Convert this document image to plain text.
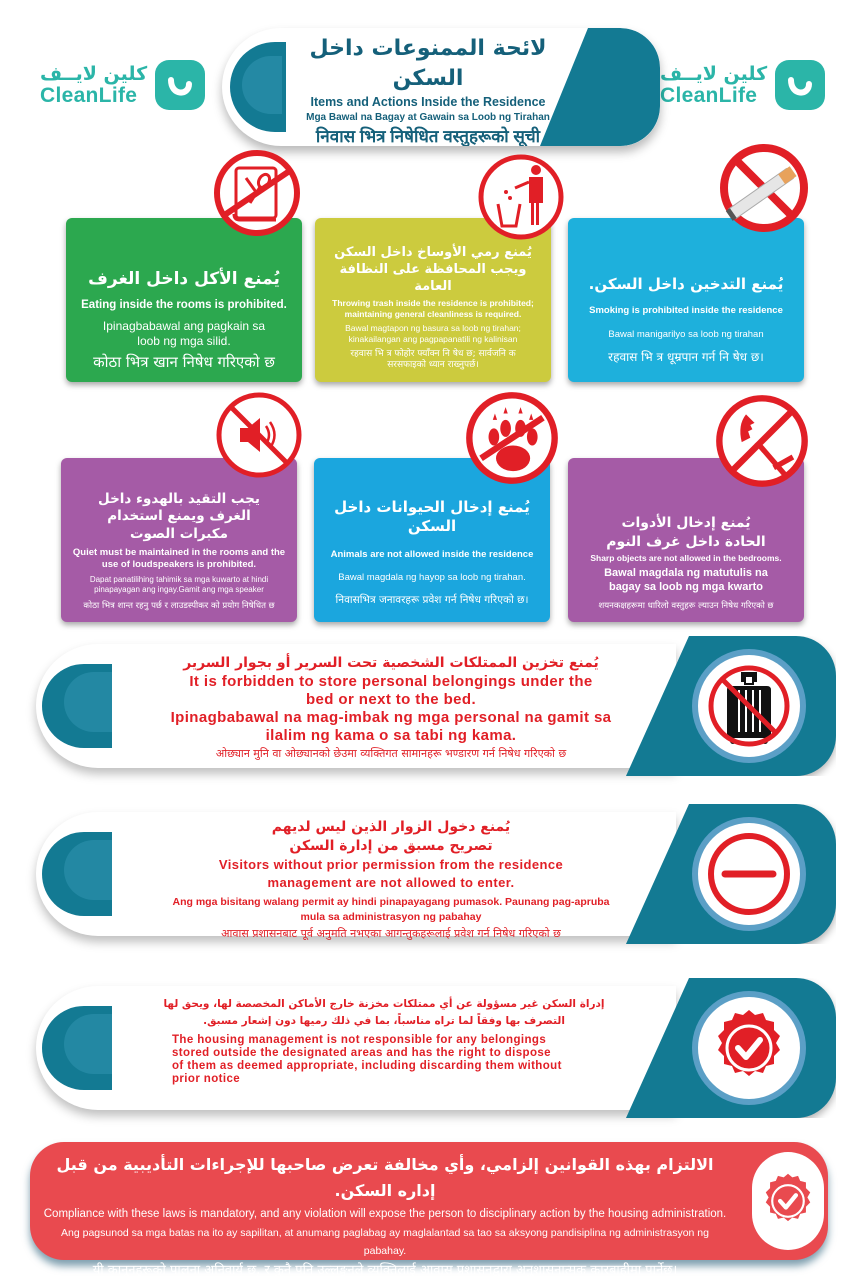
كلين لايــف
CleanLife
كلين لايــف
CleanLife
لائحة الممنوعات داخل السكن
Items and Actions Inside the Residence
Mga Bawal na Bagay at Gawain sa Loob ng Tirahan
निवास भित्र निषेधित वस्तुहरूको सूची
يُمنع الأكل داخل الغرف
Eating inside the rooms is prohibited.
Ipinagbabawal ang pagkain sa loob ng mga silid.
कोठा भित्र खान निषेध गरिएको छ
يُمنع رمي الأوساخ داخل السكن ويجب المحافظة على النظافة العامة
Throwing trash inside the residence is prohibited; maintaining general cleanliness is required.
Bawal magtapon ng basura sa loob ng tirahan; kinakailangan ang pagpapanatili ng kalinisan
रहवास भि त्र फोहोर फ्याँक्न नि षेध छ; सार्वजनि क सरसफाइको ध्यान राख्नुपर्छ।
يُمنع التدخين داخل السكن.
Smoking is prohibited inside the residence
Bawal manigarilyo sa loob ng tirahan
रहवास भि त्र धूम्रपान गर्न नि षेध छ।
يجب التقيد بالهدوء داخل الغرف ويمنع استخدام مكبرات الصوت
Quiet must be maintained in the rooms and the use of loudspeakers is prohibited.
Dapat panatilihing tahimik sa mga kuwarto at hindi pinapayagan ang ingay.Gamit ang mga speaker
कोठा भित्र शान्त रहनु पर्छ र लाउडस्पीकर को प्रयोग निषेधित छ
يُمنع إدخال الحيوانات داخل السكن
Animals are not allowed inside the residence
Bawal magdala ng hayop sa loob ng tirahan.
निवासभित्र जनावरहरू प्रवेश गर्न निषेध गरिएको छ।
يُمنع إدخال الأدوات الحادة داخل غرف النوم
Sharp objects are not allowed in the bedrooms.
Bawal magdala ng matutulis na bagay sa loob ng mga kwarto
शयनकक्षहरूमा धारिलो वस्तुहरू ल्याउन निषेध गरिएको छ
يُمنع تخزين الممتلكات الشخصية تحت السرير أو بجوار السرير
It is forbidden to store personal belongings under the bed or next to the bed.
Ipinagbabawal na mag-imbak ng mga personal na gamit sa ilalim ng kama o sa tabi ng kama.
ओछ्यान मुनि वा ओछ्यानको छेउमा व्यक्तिगत सामानहरू भण्डारण गर्न निषेध गरिएको छ
يُمنع دخول الزوار الذين ليس لديهم تصريح مسبق من إدارة السكن
Visitors without prior permission from the residence management are not allowed to enter.
Ang mga bisitang walang permit ay hindi pinapayagang pumasok. Paunang pag-apruba mula sa administrasyon ng pabahay
आवास प्रशासनबाट पूर्व अनुमति नभएका आगन्तुकहरूलाई प्रवेश गर्न निषेध गरिएको छ
إدراة السكن غير مسؤولة عن أي ممتلكات مخزنة خارج الأماكن المخصصة لها، ويحق لها التصرف بها وفقاً لما تراه مناسباً، بما في ذلك رميها دون إشعار مسبق.
The housing management is not responsible for any belongings stored outside the designated areas and has the right to dispose of them as deemed appropriate, including discarding them without prior notice
الالتزام بهذه القوانين إلزامي، وأي مخالفة تعرض صاحبها للإجراءات التأديبية من قبل إداره السكن.
Compliance with these laws is mandatory, and any violation will expose the person to disciplinary action by the housing administration.
Ang pagsunod sa mga batas na ito ay sapilitan, at anumang paglabag ay maglalantad sa tao sa aksyong pandisiplina ng administrasyon ng pabahay.
यी कानूनहरूको पालना अनिवार्य छ, र कुनै पनि उल्लङ्घनले व्यक्तिलाई आवास प्रशासनद्वारा अनुशासनात्मक कारबाहीमा पार्नेछ।
